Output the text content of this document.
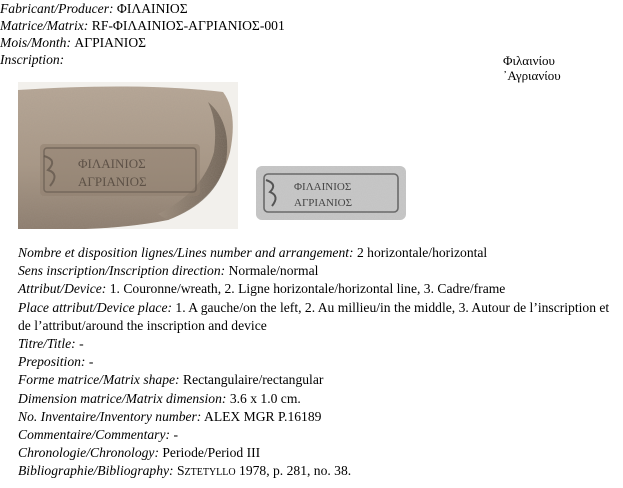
Fabricant/Producer: ΦΙΛΑΙΝΙΟΣ
Matrice/Matrix: RF-ΦΙΛΑΙΝΙΟΣ-ΑΓΡΙΑΝΙΟΣ-001
Mois/Month: ΑΓΡΙΑΝΙΟΣ
Inscription:	Φιλαινίου
᾽Αγριανίου
ΦΙΛΑΙΝΙΟΣ
ΑΓΡΙΑΝΙΟΣ	ΦΙΛΑΙΝΙΟΣ
ΑΓΡΙΑΝΙΟΣ
Nombre et disposition lignes/Lines number and arrangement: 2 horizontale/horizontal
Sens inscription/Inscription direction: Normale/normal
Attribut/Device: 1. Couronne/wreath, 2. Ligne horizontale/horizontal line, 3. Cadre/frame
Place attribut/Device place: 1. A gauche/on the left, 2. Au millieu/in the middle, 3. Autour de l’inscription et de l’attribut/around the inscription and device
Titre/Title: -
Preposition: -
Forme matrice/Matrix shape: Rectangulaire/rectangular
Dimension matrice/Matrix dimension: 3.6 x 1.0 cm.
No. Inventaire/Inventory number: ALEX MGR P.16189
Commentaire/Commentary: -
Chronologie/Chronology: Periode/Period III
Bibliographie/Bibliography: Sztetyllo 1978, p. 281, no. 38.
